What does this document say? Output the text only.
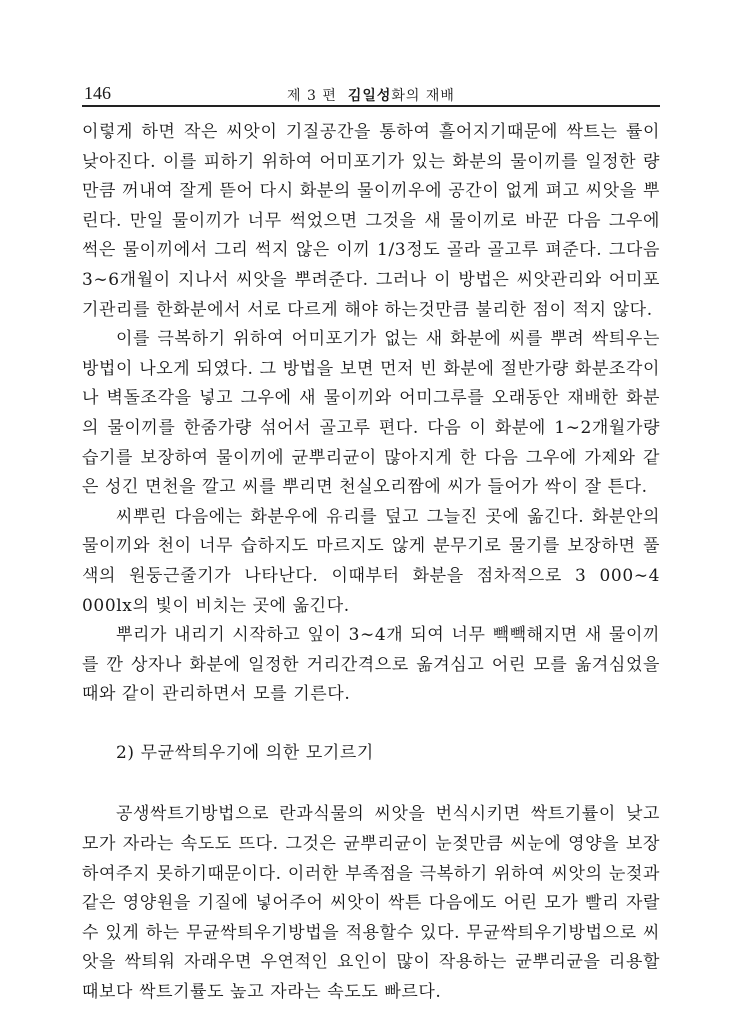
146	제 3 편 김일성화의 재배

이렇게 하면 작은 씨앗이 기질공간을 통하여 흘어지기때문에 싹트는 률이 낮아진다. 이를 피하기 위하여 어미포기가 있는 화분의 물이끼를 일정한 량만큼 꺼내여 잘게 뜯어 다시 화분의 물이끼우에 공간이 없게 펴고 씨앗을 뿌린다. 만일 물이끼가 너무 썩었으면 그것을 새 물이끼로 바꾼 다음 그우에 썩은 물이끼에서 그리 썩지 않은 이끼 1/3정도 골라 골고루 펴준다. 그다음 3∼6개월이 지나서 씨앗을 뿌려준다. 그러나 이 방법은 씨앗관리와 어미포기관리를 한화분에서 서로 다르게 해야 하는것만큼 불리한 점이 적지 않다.

이를 극복하기 위하여 어미포기가 없는 새 화분에 씨를 뿌려 싹틔우는 방법이 나오게 되였다. 그 방법을 보면 먼저 빈 화분에 절반가량 화분조각이나 벽돌조각을 넣고 그우에 새 물이끼와 어미그루를 오래동안 재배한 화분의 물이끼를 한줌가량 섞어서 골고루 편다. 다음 이 화분에 1∼2개월가량 습기를 보장하여 물이끼에 균뿌리균이 많아지게 한 다음 그우에 가제와 같은 성긴 면천을 깔고 씨를 뿌리면 천실오리짬에 씨가 들어가 싹이 잘 튼다.

씨뿌린 다음에는 화분우에 유리를 덮고 그늘진 곳에 옮긴다. 화분안의 물이끼와 천이 너무 습하지도 마르지도 않게 분무기로 물기를 보장하면 풀색의 원둥근줄기가 나타난다. 이때부터 화분을 점차적으로 3 000∼4 000lx의 빛이 비치는 곳에 옮긴다.

뿌리가 내리기 시작하고 잎이 3∼4개 되여 너무 빽빽해지면 새 물이끼를 깐 상자나 화분에 일정한 거리간격으로 옮겨심고 어린 모를 옮겨심었을 때와 같이 관리하면서 모를 기른다.

2) 무균싹틔우기에 의한 모기르기

공생싹트기방법으로 란과식물의 씨앗을 번식시키면 싹트기률이 낮고 모가 자라는 속도도 뜨다. 그것은 균뿌리균이 눈젖만큼 씨눈에 영양을 보장하여주지 못하기때문이다. 이러한 부족점을 극복하기 위하여 씨앗의 눈젖과 같은 영양원을 기질에 넣어주어 씨앗이 싹튼 다음에도 어린 모가 빨리 자랄수 있게 하는 무균싹틔우기방법을 적용할수 있다. 무균싹틔우기방법으로 씨앗을 싹틔워 자래우면 우연적인 요인이 많이 작용하는 균뿌리균을 리용할 때보다 싹트기률도 높고 자라는 속도도 빠르다.
